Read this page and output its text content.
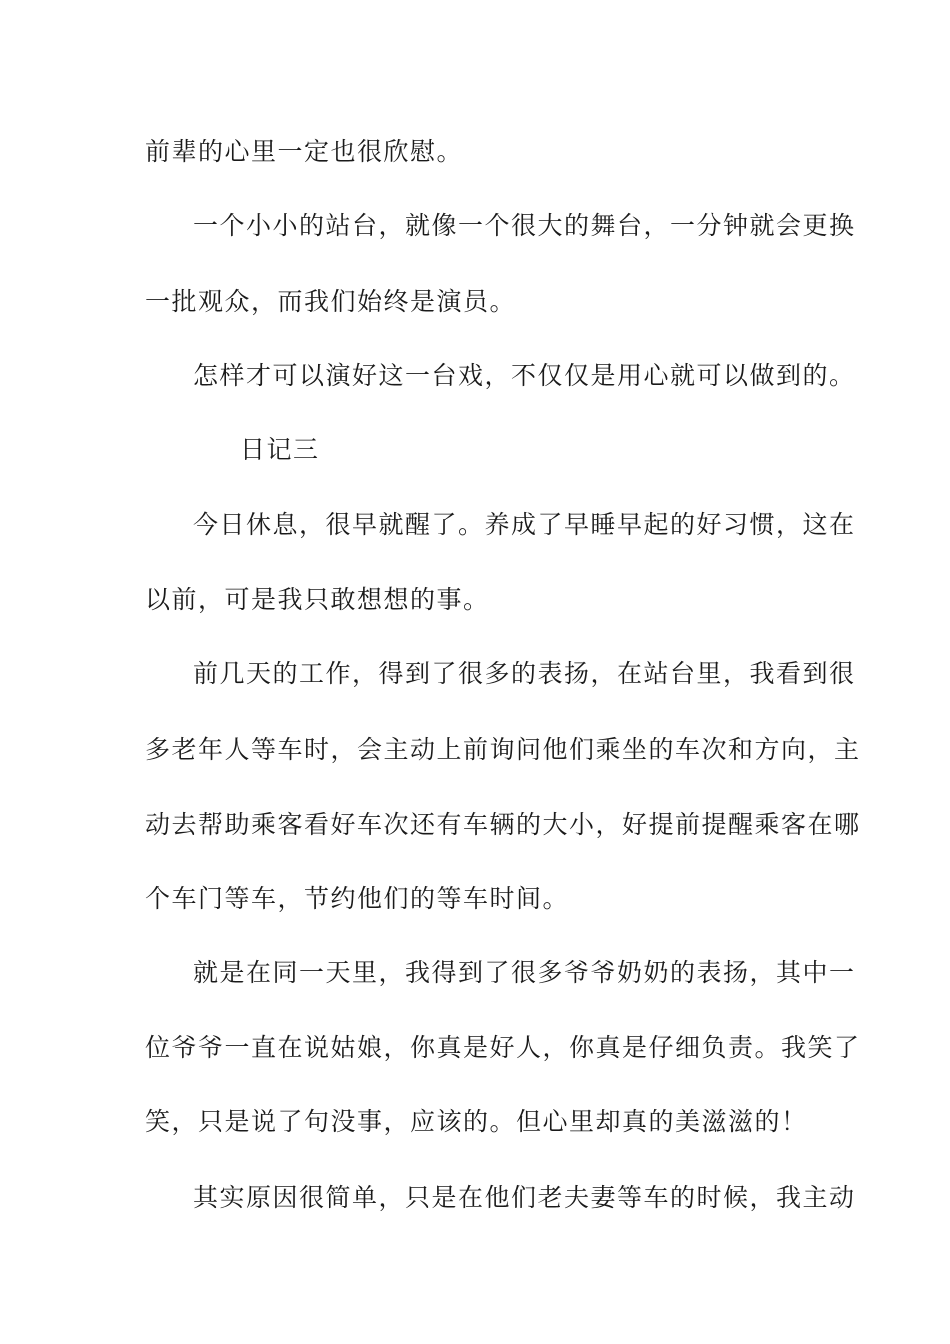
前辈的心里一定也很欣慰。
一个小小的站台，就像一个很大的舞台，一分钟就会更换
一批观众，而我们始终是演员。
怎样才可以演好这一台戏，不仅仅是用心就可以做到的。
日记三
今日休息，很早就醒了。养成了早睡早起的好习惯，这在
以前，可是我只敢想想的事。
前几天的工作，得到了很多的表扬，在站台里，我看到很
多老年人等车时，会主动上前询问他们乘坐的车次和方向，主
动去帮助乘客看好车次还有车辆的大小，好提前提醒乘客在哪
个车门等车，节约他们的等车时间。
就是在同一天里，我得到了很多爷爷奶奶的表扬，其中一
位爷爷一直在说姑娘，你真是好人，你真是仔细负责。我笑了
笑，只是说了句没事，应该的。但心里却真的美滋滋的！
其实原因很简单，只是在他们老夫妻等车的时候，我主动
